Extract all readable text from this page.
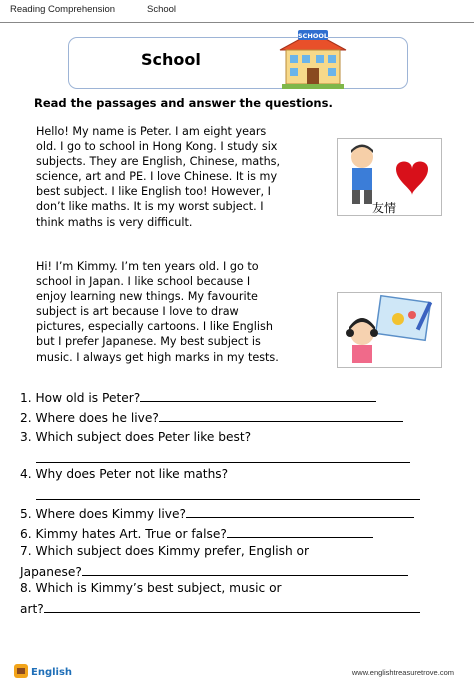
Reading Comprehension	School
School
SCHOOL
Read the passages and answer the questions.
Hello! My name is Peter. I am eight years
old. I go to school in Hong Kong. I study six
subjects. They are English, Chinese, maths,
science, art and PE. I love Chinese. It is my
best subject. I like English too! However, I
don’t like maths. It is my worst subject. I
think maths is very difficult.
友情
Hi! I’m Kimmy. I’m ten years old. I go to
school in Japan. I like school because I
enjoy learning new things. My favourite
subject is art because I love to draw
pictures, especially cartoons. I like English
but I prefer Japanese. My best subject is
music. I always get high marks in my tests.
1. How old is Peter?
2. Where does he live?
3. Which subject does Peter like best?
4. Why does Peter not like maths?
5. Where does Kimmy live?
6. Kimmy hates Art. True or false?
7. Which subject does Kimmy prefer, English or
Japanese?
8. Which is Kimmy’s best subject, music or
art?
English	www.englishtreasuretrove.com
